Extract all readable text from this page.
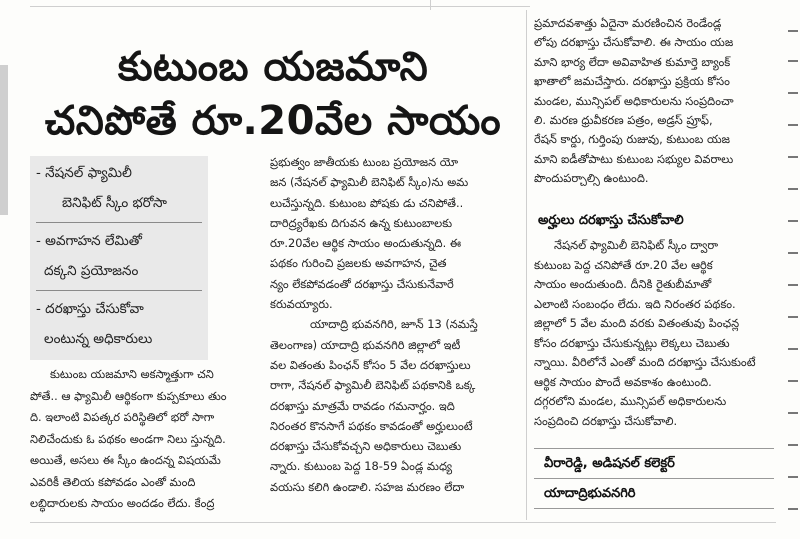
కుటుంబ యజమాని
చనిపోతే రూ.20వేల సాయం
- నేషనల్ ఫ్యామిలీ
బెనిఫిట్ స్కీం భరోసా
- అవగాహన లేమితో
దక్కని ప్రయోజనం
- దరఖాస్తు చేసుకోవా
లంటున్న అధికారులు
కుటుంబ యజమాని అకస్మాత్తుగా చని
పోతే.. ఆ ఫ్యామిలీ ఆర్థికంగా కుప్పకూలు తుం
ది. ఇలాంటి విపత్కర పరిస్థితిలో భరో సాగా
నిలిచేందుకు ఓ పథకం అండగా నిలు స్తున్నది.
అయితే, అసలు ఈ స్కీం ఉందన్న విషయమే
ఎవరికీ తెలియ కపోవడం ఎంతో మంది
లబ్ధిదారులకు సాయం అందడం లేదు. కేంద్ర
ప్రభుత్వం జాతీయకు టుంబ ప్రయోజన యో
జన (నేషనల్ ఫ్యామిలీ బెనిఫిట్ స్కీం)ను అమ
లుచేస్తున్నది. కుటుంబ పోషకు డు చనిపోతే..
దారిద్ర్యరేఖకు దిగువన ఉన్న కుటుంబాలకు
రూ.20వేల ఆర్థిక సాయం అందుతున్నది. ఈ
పథకం గురించి ప్రజలకు అవగాహన, చైత
న్యం లేకపోవడంతో దరఖాస్తు చేసుకునేవారే
కరువయ్యారు.
యాదాద్రి భువనగిరి, జూన్ 13 (నమస్తే
తెలంగాణ) యాదాద్రి భువనగిరి జిల్లాలో ఇటీ
వల వితంతు పింఛన్ కోసం 5 వేల దరఖాస్తులు
రాగా, నేషనల్ ఫ్యామిలీ బెనిఫిట్ పథకానికి ఒక్క
దరఖాస్తు మాత్రమే రావడం గమనార్హం. ఇది
నిరంతర కొనసాగే పథకం కావడంతో అర్హులుంటే
దరఖాస్తు చేసుకోవచ్చని అధికారులు చెబుతు
న్నారు. కుటుంబ పెద్ద 18-59 ఏండ్ల మధ్య
వయసు కలిగి ఉండాలి. సహజ మరణం లేదా
ప్రమాదవశాత్తు ఏదైనా మరణించిన రెండేండ్ల
లోపు దరఖాస్తు చేసుకోవాలి. ఈ సాయం యజ
మాని భార్య లేదా అవివాహిత కుమార్తె బ్యాంక్
ఖాతాలో జమచేస్తారు. దరఖాస్తు ప్రక్రియ కోసం
మండల, మున్సిపల్ అధికారులను సంప్రదించా
లి. మరణ ధ్రువీకరణ పత్రం, అడ్రస్ ప్రూఫ్,
రేషన్ కార్డు, గుర్తింపు రుజువు, కుటుంబ యజ
మాని ఐడీతోపాటు కుటుంబ సభ్యుల వివరాలు
పొందుపర్చాల్సి ఉంటుంది.
అర్హులు దరఖాస్తు చేసుకోవాలి
నేషనల్ ఫ్యామిలీ బెనిఫిట్ స్కీం ద్వారా
కుటుంబ పెద్ద చనిపోతే రూ.20 వేల ఆర్థిక
సాయం అందుతుంది. దీనికి రైతుబీమాతో
ఎలాంటి సంబంధం లేదు. ఇది నిరంతర పథకం.
జిల్లాలో 5 వేల మంది వరకు వితంతువు పింఛన్ల
కోసం దరఖాస్తు చేసుకున్నట్లు లెక్కలు చెబుతు
న్నాయి. వీరిలోనే ఎంతో మంది దరఖాస్తు చేసుకుంటే
ఆర్థిక సాయం పొందే అవకాశం ఉంటుంది.
దగ్గరలోని మండల, మున్సిపల్ అధికారులను
సంప్రదించి దరఖాస్తు చేసుకోవాలి.
వీరారెడ్డి, అడిషనల్ కలెక్టర్
యాదాద్రిభువనగిరి
